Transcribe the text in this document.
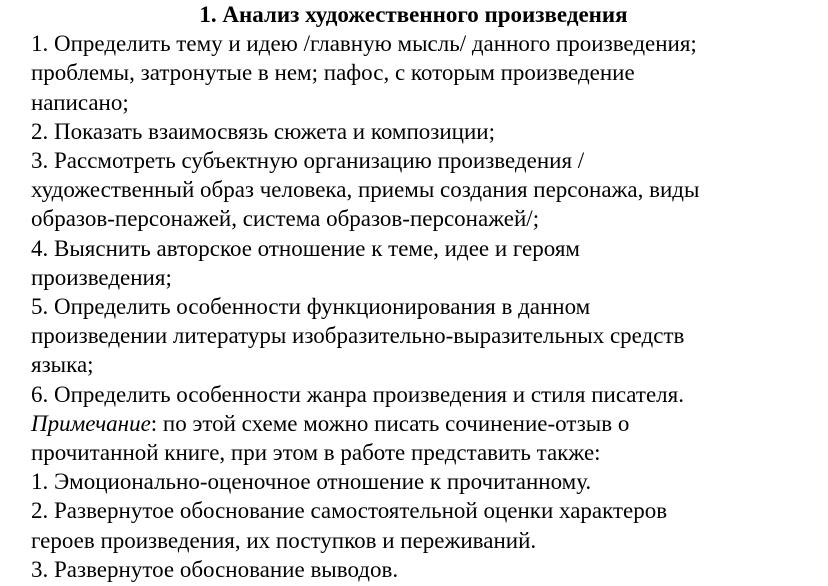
1. Анализ художественного произведения
1. Определить тему и идею /главную мысль/ данного произведения;
проблемы, затронутые в нем; пафос, с которым произведение
написано;
2. Показать взаимосвязь сюжета и композиции;
3. Рассмотреть субъектную организацию произведения /
художественный образ человека, приемы создания персонажа, виды
образов-персонажей, система образов-персонажей/;
4. Выяснить авторское отношение к теме, идее и героям
произведения;
5. Определить особенности функционирования в данном
произведении литературы изобразительно-выразительных средств
языка;
6. Определить особенности жанра произведения и стиля писателя.
Примечание: по этой схеме можно писать сочинение-отзыв о
прочитанной книге, при этом в работе представить также:
1. Эмоционально-оценочное отношение к прочитанному.
2. Развернутое обоснование самостоятельной оценки характеров
героев произведения, их поступков и переживаний.
3. Развернутое обоснование выводов.
